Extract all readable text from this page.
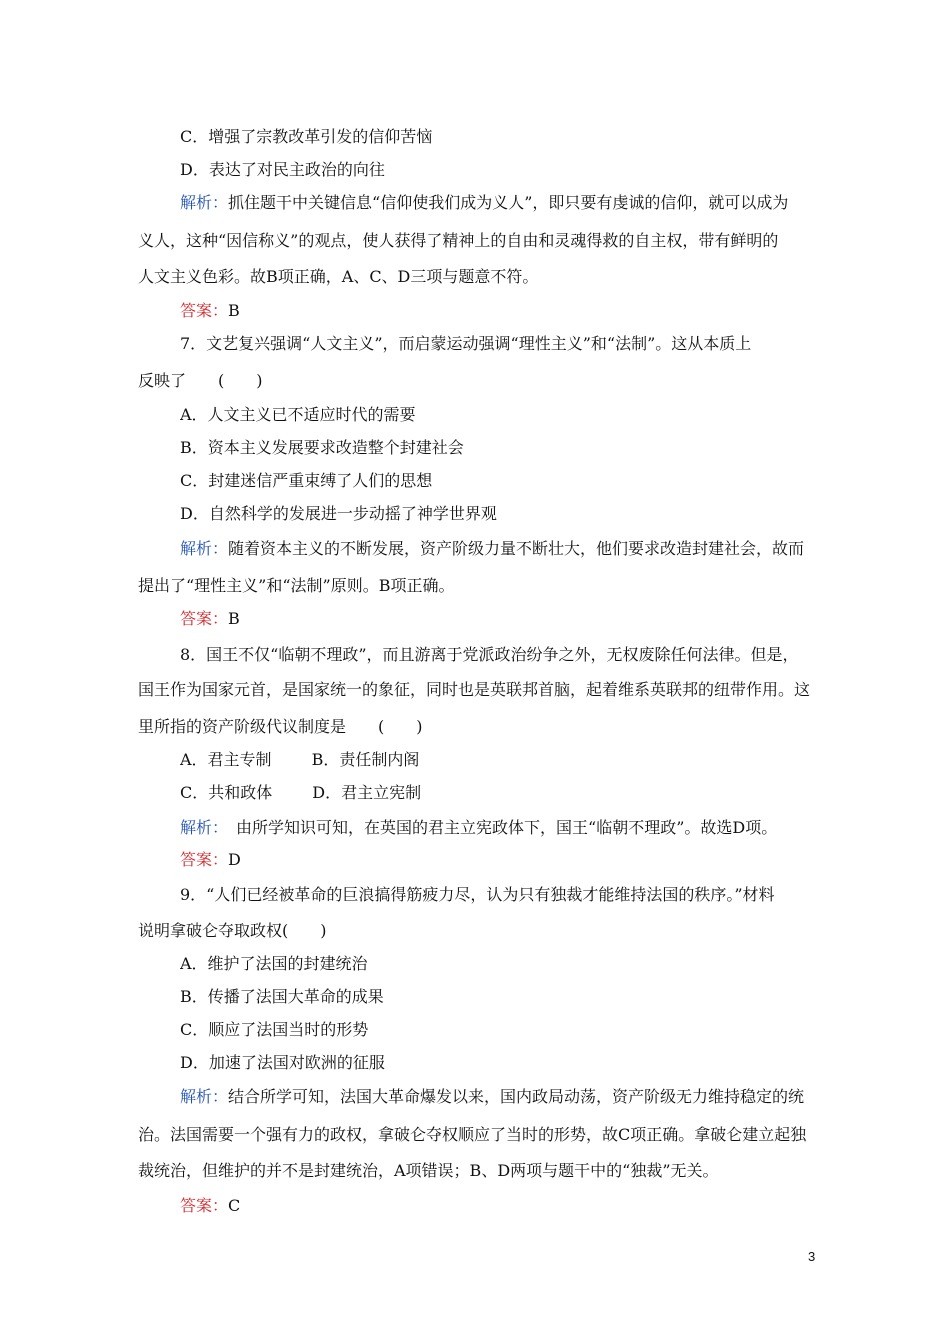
C．增强了宗教改革引发的信仰苦恼
D．表达了对民主政治的向往
解析：抓住题干中关键信息“信仰使我们成为义人”，即只要有虔诚的信仰，就可以成为
义人，这种“因信称义”的观点，使人获得了精神上的自由和灵魂得救的自主权，带有鲜明的
人文主义色彩。故B项正确，A、C、D三项与题意不符。
答案：B
7．文艺复兴强调“人文主义”，而启蒙运动强调“理性主义”和“法制”。这从本质上
反映了　　(　　)
A．人文主义已不适应时代的需要
B．资本主义发展要求改造整个封建社会
C．封建迷信严重束缚了人们的思想
D．自然科学的发展进一步动摇了神学世界观
解析：随着资本主义的不断发展，资产阶级力量不断壮大，他们要求改造封建社会，故而
提出了“理性主义”和“法制”原则。B项正确。
答案：B
8．国王不仅“临朝不理政”，而且游离于党派政治纷争之外，无权废除任何法律。但是，
国王作为国家元首，是国家统一的象征，同时也是英联邦首脑，起着维系英联邦的纽带作用。这
里所指的资产阶级代议制度是　　(　　)
A．君主专制	B．责任制内阁
C．共和政体	D．君主立宪制
解析：　由所学知识可知，在英国的君主立宪政体下，国王“临朝不理政”。故选D项。
答案：D
9．“人们已经被革命的巨浪搞得筋疲力尽，认为只有独裁才能维持法国的秩序。”材料
说明拿破仑夺取政权(　　)
A．维护了法国的封建统治
B．传播了法国大革命的成果
C．顺应了法国当时的形势
D．加速了法国对欧洲的征服
解析：结合所学可知，法国大革命爆发以来，国内政局动荡，资产阶级无力维持稳定的统
治。法国需要一个强有力的政权，拿破仑夺权顺应了当时的形势，故C项正确。拿破仑建立起独
裁统治，但维护的并不是封建统治，A项错误；B、D两项与题干中的“独裁”无关。
答案：C
3
